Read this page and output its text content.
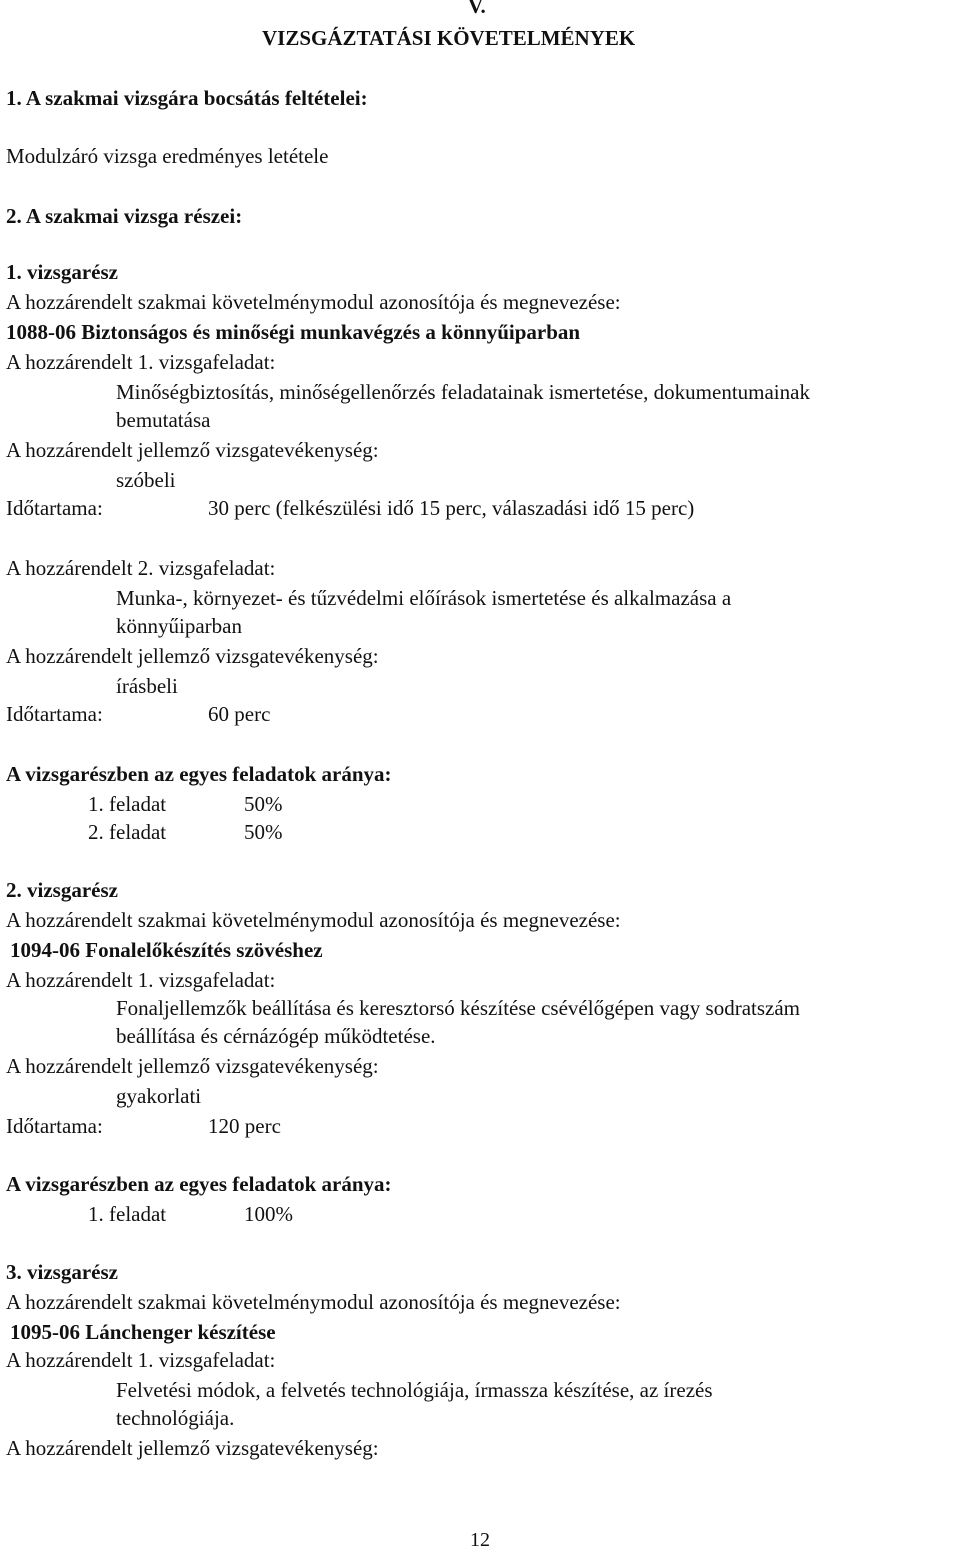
V.
VIZSGÁZTATÁSI KÖVETELMÉNYEK
1. A szakmai vizsgára bocsátás feltételei:
Modulzáró vizsga eredményes letétele
2. A szakmai vizsga részei:
1. vizsgarész
A hozzárendelt szakmai követelménymodul azonosítója és megnevezése:
1088-06 Biztonságos és minőségi munkavégzés a könnyűiparban
A hozzárendelt 1. vizsgafeladat:
Minőségbiztosítás, minőségellenőrzés feladatainak ismertetése, dokumentumainak
bemutatása
A hozzárendelt jellemző vizsgatevékenység:
szóbeli
Időtartama:	30 perc (felkészülési idő 15 perc, válaszadási idő 15 perc)
A hozzárendelt 2. vizsgafeladat:
Munka-, környezet- és tűzvédelmi előírások ismertetése és alkalmazása a
könnyűiparban
A hozzárendelt jellemző vizsgatevékenység:
írásbeli
Időtartama:	60 perc
A vizsgarészben az egyes feladatok aránya:
1. feladat	50%
2. feladat	50%
2. vizsgarész
A hozzárendelt szakmai követelménymodul azonosítója és megnevezése:
1094-06 Fonalelőkészítés szövéshez
A hozzárendelt 1. vizsgafeladat:
Fonaljellemzők beállítása és keresztorsó készítése csévélőgépen vagy sodratszám
beállítása és cérnázógép működtetése.
A hozzárendelt jellemző vizsgatevékenység:
gyakorlati
Időtartama:	120 perc
A vizsgarészben az egyes feladatok aránya:
1. feladat	100%
3. vizsgarész
A hozzárendelt szakmai követelménymodul azonosítója és megnevezése:
1095-06 Lánchenger készítése
A hozzárendelt 1. vizsgafeladat:
Felvetési módok, a felvetés technológiája, írmassza készítése, az írezés
technológiája.
A hozzárendelt jellemző vizsgatevékenység:
12
